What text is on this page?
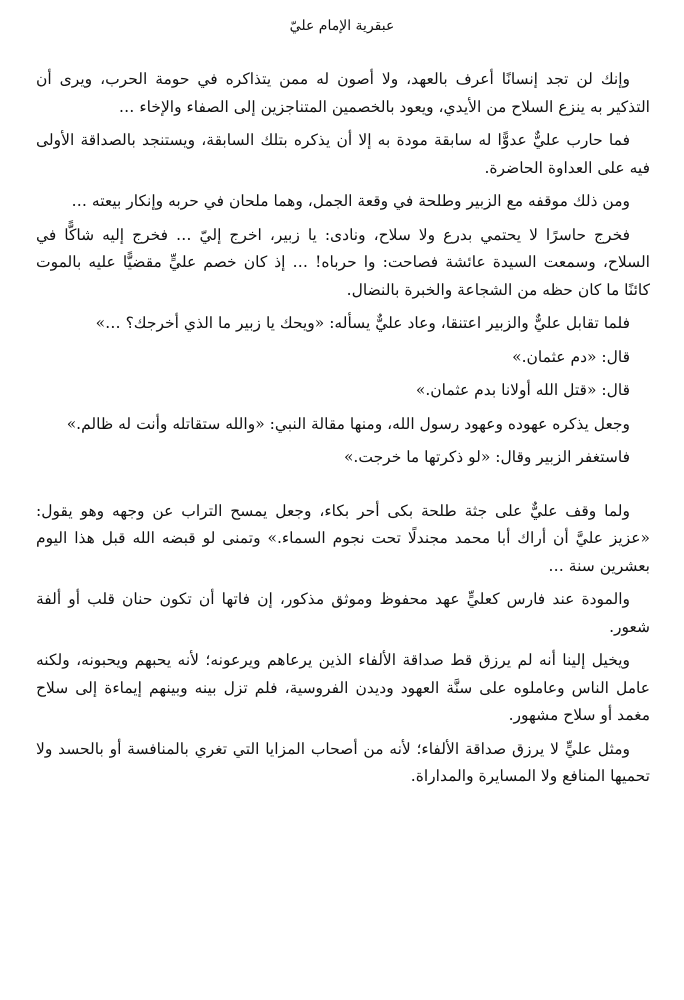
عبقرية الإمام عليّ

وإنك لن تجد إنسانًا أعرف بالعهد، ولا أصون له ممن يتذاكره في حومة الحرب، ويرى أن التذكير به ينزع السلاح من الأيدي، ويعود بالخصمين المتناجزين إلى الصفاء والإخاء …

فما حارب عليٌّ عدوًّا له سابقة مودة به إلا أن يذكره بتلك السابقة، ويستنجد بالصداقة الأولى فيه على العداوة الحاضرة.

ومن ذلك موقفه مع الزبير وطلحة في وقعة الجمل، وهما ملحان في حربه وإنكار بيعته …

فخرج حاسرًا لا يحتمي بدرع ولا سلاح، ونادى: يا زبير، اخرج إليّ … فخرج إليه شاكًّا في السلاح، وسمعت السيدة عائشة فصاحت: وا حرباه! … إذ كان خصم عليٍّ مقضيًّا عليه بالموت كائنًا ما كان حظه من الشجاعة والخبرة بالنضال.

فلما تقابل عليٌّ والزبير اعتنقا، وعاد عليٌّ يسأله: «ويحك يا زبير ما الذي أخرجك؟ …»

قال: «دم عثمان.»

قال: «قتل الله أولانا بدم عثمان.»

وجعل يذكره عهوده وعهود رسول الله، ومنها مقالة النبي: «والله ستقاتله وأنت له ظالم.»

فاستغفر الزبير وقال: «لو ذكرتها ما خرجت.»

ولما وقف عليٌّ على جثة طلحة بكى أحر بكاء، وجعل يمسح التراب عن وجهه وهو يقول: «عزيز عليَّ أن أراك أبا محمد مجندلًا تحت نجوم السماء.» وتمنى لو قبضه الله قبل هذا اليوم بعشرين سنة …

والمودة عند فارس كعليٍّ عهد محفوظ وموثق مذكور، إن فاتها أن تكون حنان قلب أو ألفة شعور.

ويخيل إلينا أنه لم يرزق قط صداقة الألفاء الذين يرعاهم ويرعونه؛ لأنه يحبهم ويحبونه، ولكنه عامل الناس وعاملوه على سنَّة العهود وديدن الفروسية، فلم تزل بينه وبينهم إيماءة إلى سلاح مغمد أو سلاح مشهور.

ومثل عليٍّ لا يرزق صداقة الألفاء؛ لأنه من أصحاب المزايا التي تغري بالمنافسة أو بالحسد ولا تحميها المنافع ولا المسايرة والمداراة.
